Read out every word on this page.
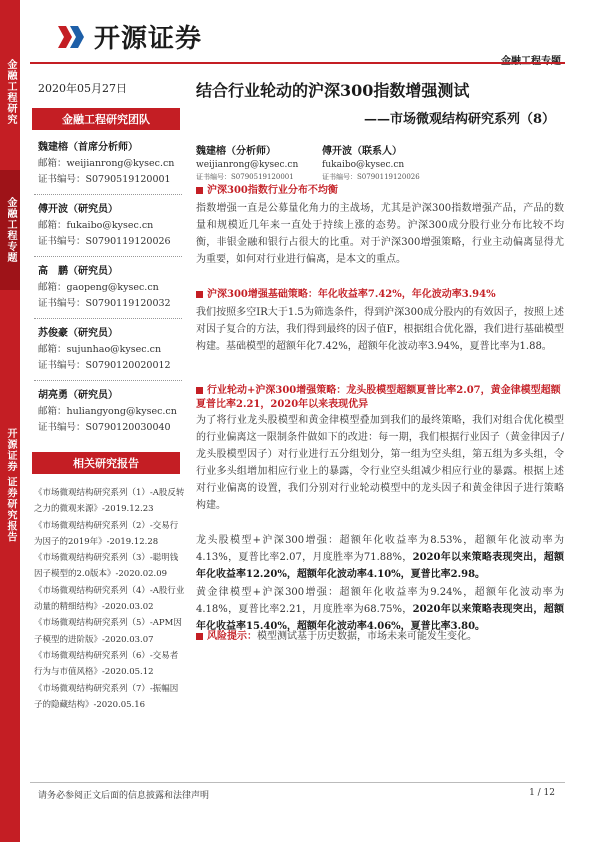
金融工程研究
金融工程专题
开源证券 证券研究报告
开源证券
金融工程专题
2020年05月27日	结合行业轮动的沪深300指数增强测试
——市场微观结构研究系列（8）
金融工程研究团队
魏建榕（首席分析师）
邮箱：weijianrong@kysec.cn
证书编号：S0790519120001
傅开波（研究员）
邮箱：fukaibo@kysec.cn
证书编号：S0790119120026
高　鹏（研究员）
邮箱：gaopeng@kysec.cn
证书编号：S0790119120032
苏俊豪（研究员）
邮箱：sujunhao@kysec.cn
证书编号：S0790120020012
胡亮勇（研究员）
邮箱：huliangyong@kysec.cn
证书编号：S0790120030040
相关研究报告
《市场微观结构研究系列（1）-A股反转之力的微观来源》-2019.12.23
《市场微观结构研究系列（2）-交易行为因子的2019年》-2019.12.28
《市场微观结构研究系列（3）-聪明钱因子模型的2.0版本》-2020.02.09
《市场微观结构研究系列（4）-A股行业动量的精细结构》-2020.03.02
《市场微观结构研究系列（5）-APM因子模型的进阶版》-2020.03.07
《市场微观结构研究系列（6）-交易者行为与市值风格》-2020.05.12
《市场微观结构研究系列（7）-振幅因子的隐藏结构》-2020.05.16
魏建榕（分析师）
weijianrong@kysec.cn
证书编号：S0790519120001
傅开波（联系人）
fukaibo@kysec.cn
证书编号：S0790119120026
沪深300指数行业分布不均衡
指数增强一直是公募量化角力的主战场，尤其是沪深300指数增强产品，产品的数量和规模近几年来一直处于持续上涨的态势。沪深300成分股行业分布比较不均衡，非银金融和银行占很大的比重。对于沪深300增强策略，行业主动偏离显得尤为重要，如何对行业进行偏离，是本文的重点。
沪深300增强基础策略：年化收益率7.42%，年化波动率3.94%
我们按照多空IR大于1.5为筛选条件，得到沪深300成分股内的有效因子，按照上述对因子复合的方法，我们得到最终的因子值F，根据组合优化器，我们进行基础模型构建。基础模型的超额年化7.42%，超额年化波动率3.94%，夏普比率为1.88。
行业轮动+沪深300增强策略：龙头股模型超额夏普比率2.07，黄金律模型超额夏普比率2.21，2020年以来表现优异
为了将行业龙头股模型和黄金律模型叠加到我们的最终策略，我们对组合优化模型的行业偏离这一限制条件做如下的改进：每一期，我们根据行业因子（黄金律因子/龙头股模型因子）对行业进行五分组划分，第一组为空头组，第五组为多头组，令行业多头组增加相应行业上的暴露，令行业空头组减少相应行业的暴露。根据上述对行业偏离的设置，我们分别对行业轮动模型中的龙头因子和黄金律因子进行策略构建。
龙头股模型+沪深300增强：超额年化收益率为8.53%，超额年化波动率为4.13%，夏普比率2.07，月度胜率为71.88%，2020年以来策略表现突出，超额年化收益率12.20%，超额年化波动率4.10%，夏普比率2.98。
黄金律模型+沪深300增强：超额年化收益率为9.24%，超额年化波动率为4.18%，夏普比率2.21，月度胜率为68.75%，2020年以来策略表现突出，超额年化收益率15.40%，超额年化波动率4.06%，夏普比率3.80。
风险提示：模型测试基于历史数据，市场未来可能发生变化。
请务必参阅正文后面的信息披露和法律声明	1 / 12
